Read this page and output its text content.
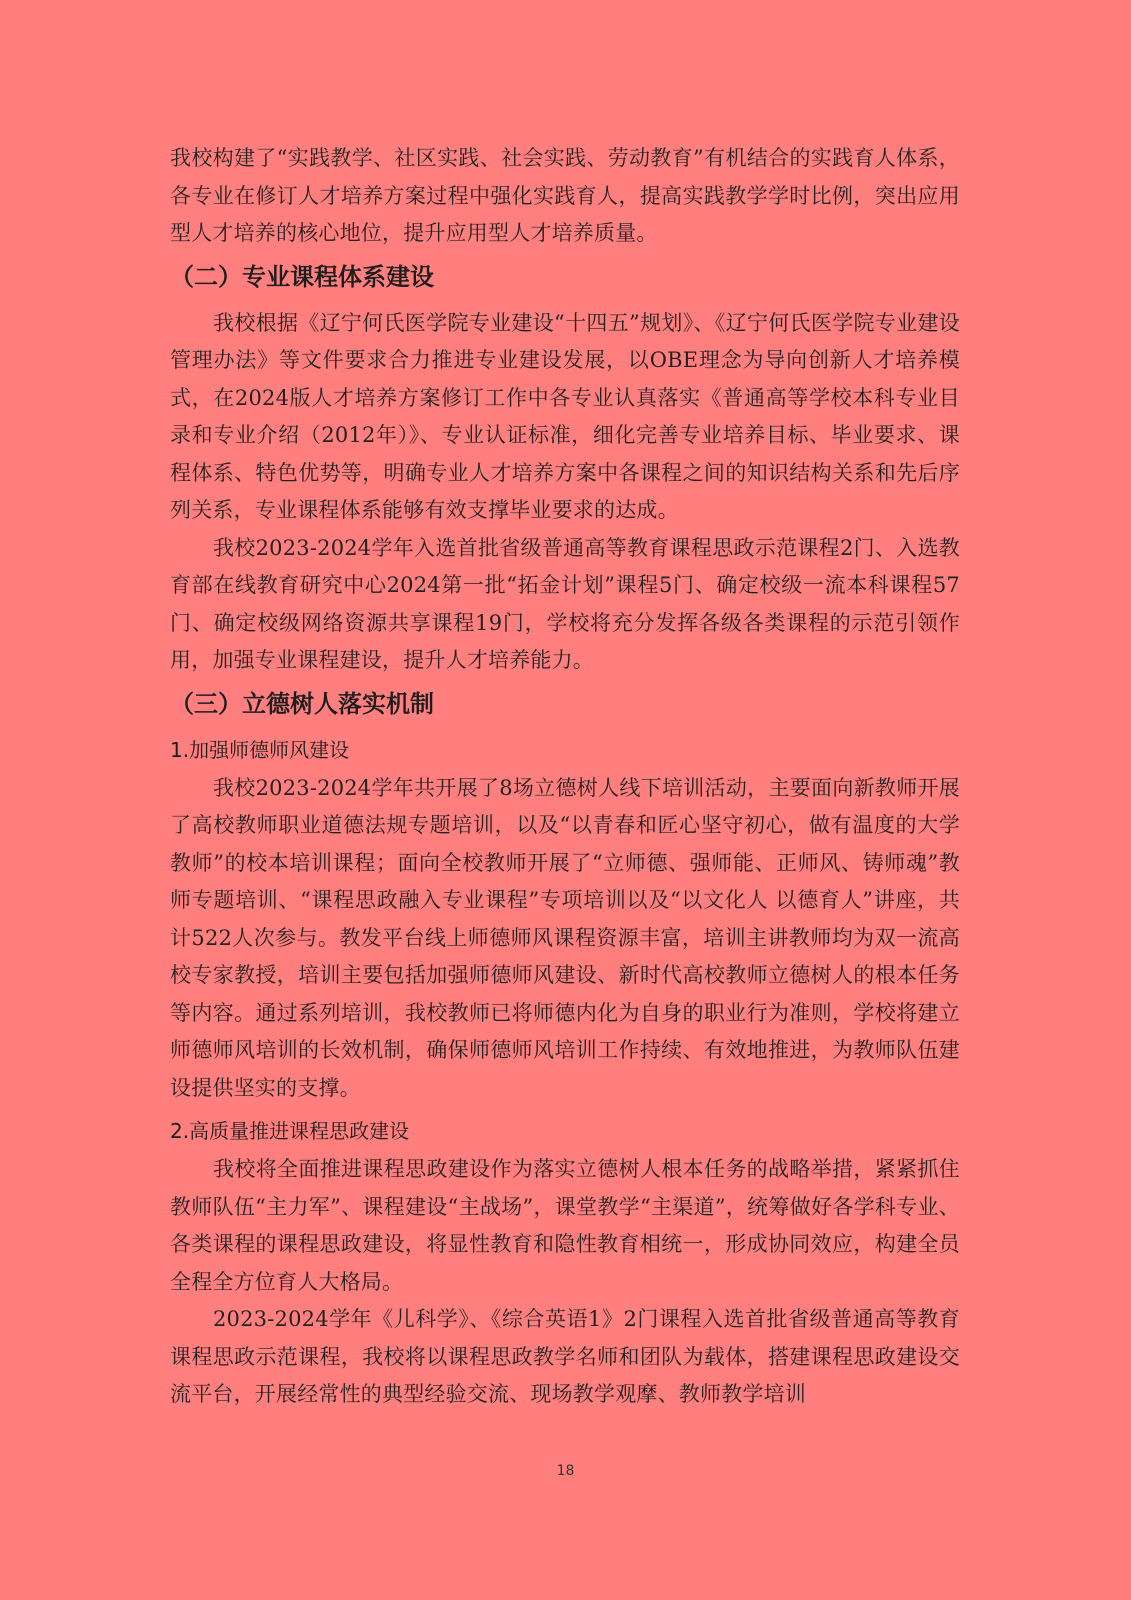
我校构建了“实践教学、社区实践、社会实践、劳动教育”有机结合的实践育人体系，各专业在修订人才培养方案过程中强化实践育人，提高实践教学学时比例，突出应用型人才培养的核心地位，提升应用型人才培养质量。

（二）专业课程体系建设

我校根据《辽宁何氏医学院专业建设“十四五”规划》、《辽宁何氏医学院专业建设管理办法》等文件要求合力推进专业建设发展，以OBE理念为导向创新人才培养模式，在2024版人才培养方案修订工作中各专业认真落实《普通高等学校本科专业目录和专业介绍（2012年）》、专业认证标准，细化完善专业培养目标、毕业要求、课程体系、特色优势等，明确专业人才培养方案中各课程之间的知识结构关系和先后序列关系，专业课程体系能够有效支撑毕业要求的达成。

我校2023-2024学年入选首批省级普通高等教育课程思政示范课程2门、入选教育部在线教育研究中心2024第一批“拓金计划”课程5门、确定校级一流本科课程57门、确定校级网络资源共享课程19门，学校将充分发挥各级各类课程的示范引领作用，加强专业课程建设，提升人才培养能力。

（三）立德树人落实机制
1.加强师德师风建设

我校2023-2024学年共开展了8场立德树人线下培训活动，主要面向新教师开展了高校教师职业道德法规专题培训，以及“以青春和匠心坚守初心，做有温度的大学教师”的校本培训课程；面向全校教师开展了“立师德、强师能、正师风、铸师魂”教师专题培训、“课程思政融入专业课程”专项培训以及“以文化人 以德育人”讲座，共计522人次参与。教发平台线上师德师风课程资源丰富，培训主讲教师均为双一流高校专家教授，培训主要包括加强师德师风建设、新时代高校教师立德树人的根本任务等内容。通过系列培训，我校教师已将师德内化为自身的职业行为准则，学校将建立师德师风培训的长效机制，确保师德师风培训工作持续、有效地推进，为教师队伍建设提供坚实的支撑。

2.高质量推进课程思政建设

我校将全面推进课程思政建设作为落实立德树人根本任务的战略举措，紧紧抓住教师队伍“主力军”、课程建设“主战场”，课堂教学“主渠道”，统筹做好各学科专业、各类课程的课程思政建设，将显性教育和隐性教育相统一，形成协同效应，构建全员全程全方位育人大格局。

2023-2024学年《儿科学》、《综合英语1》2门课程入选首批省级普通高等教育课程思政示范课程，我校将以课程思政教学名师和团队为载体，搭建课程思政建设交流平台，开展经常性的典型经验交流、现场教学观摩、教师教学培训

18
